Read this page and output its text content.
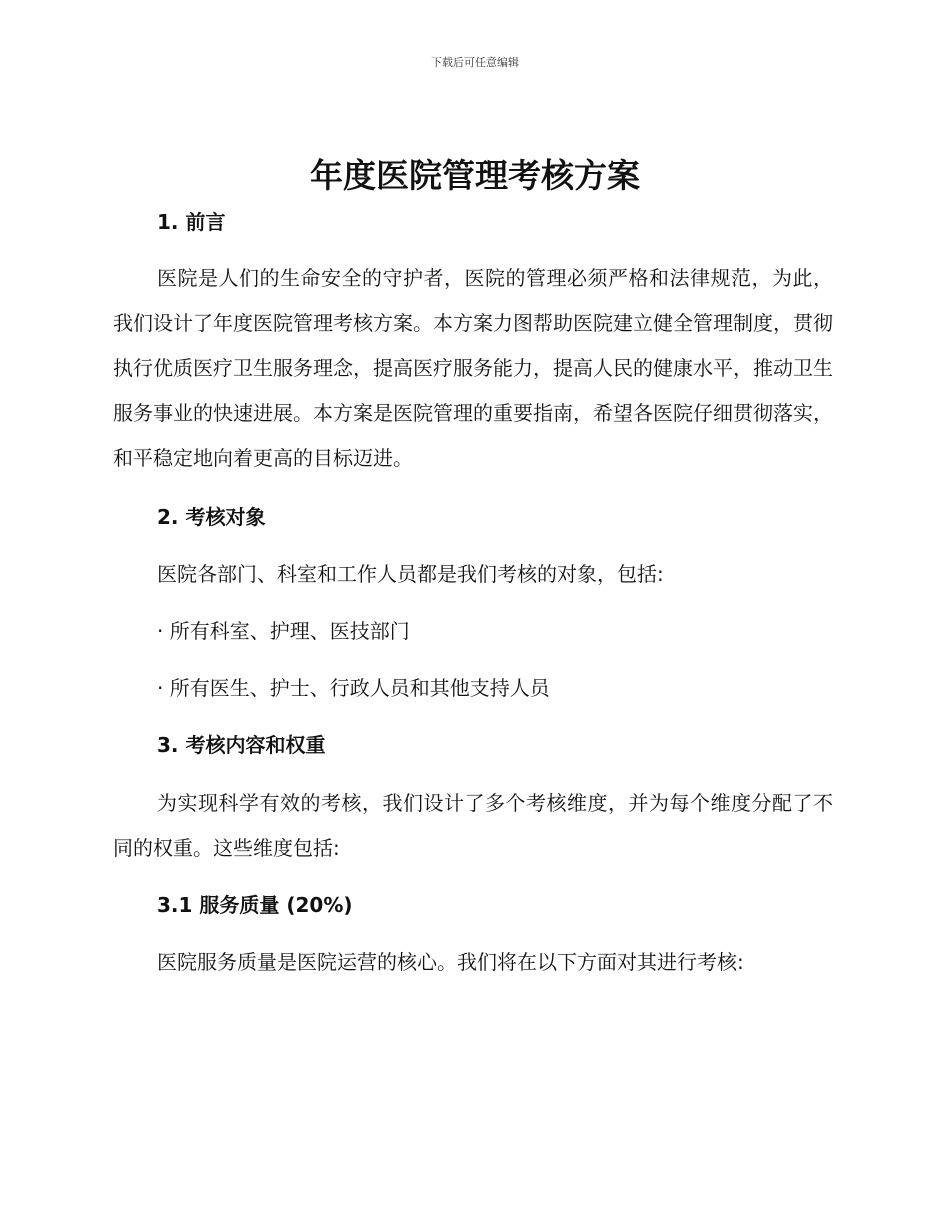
下载后可任意编辑
年度医院管理考核方案
1. 前言
医院是人们的生命安全的守护者，医院的管理必须严格和法律规范，为此，我们设计了年度医院管理考核方案。本方案力图帮助医院建立健全管理制度，贯彻执行优质医疗卫生服务理念，提高医疗服务能力，提高人民的健康水平，推动卫生服务事业的快速进展。本方案是医院管理的重要指南，希望各医院仔细贯彻落实，和平稳定地向着更高的目标迈进。
2. 考核对象
医院各部门、科室和工作人员都是我们考核的对象，包括:
· 所有科室、护理、医技部门
· 所有医生、护士、行政人员和其他支持人员
3. 考核内容和权重
为实现科学有效的考核，我们设计了多个考核维度，并为每个维度分配了不同的权重。这些维度包括:
3.1 服务质量 (20%)
医院服务质量是医院运营的核心。我们将在以下方面对其进行考核:
